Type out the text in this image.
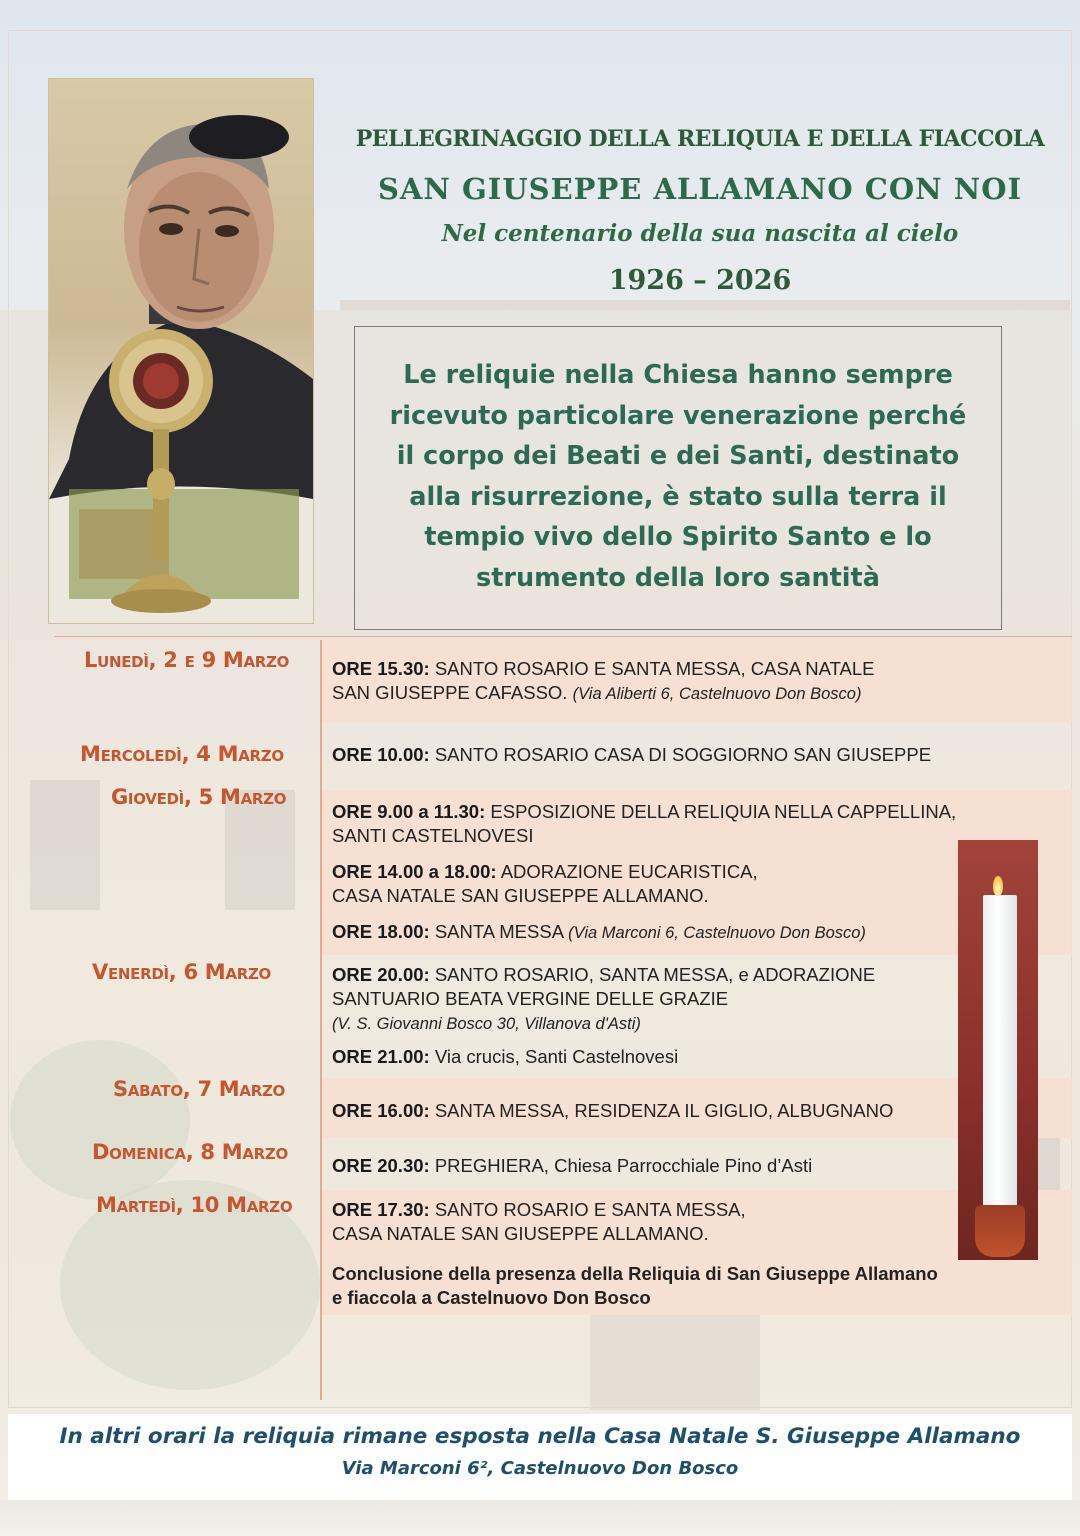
PELLEGRINAGGIO DELLA RELIQUIA E DELLA FIACCOLA
SAN GIUSEPPE ALLAMANO CON NOI
Nel centenario della sua nascita al cielo
1926 – 2026
Le reliquie nella Chiesa hanno sempre
ricevuto particolare venerazione perché
il corpo dei Beati e dei Santi, destinato
alla risurrezione, è stato sulla terra il
tempio vivo dello Spirito Santo e lo
strumento della loro santità
Lunedì, 2 e 9 Marzo
Mercoledì, 4 Marzo
Giovedì, 5 Marzo
Venerdì, 6 Marzo
Sabato, 7 Marzo
Domenica, 8 Marzo
Martedì, 10 Marzo
ORE 15.30: SANTO ROSARIO E SANTA MESSA, CASA NATALE
SAN GIUSEPPE CAFASSO. (Via Aliberti 6, Castelnuovo Don Bosco)
ORE 10.00: SANTO ROSARIO CASA DI SOGGIORNO SAN GIUSEPPE
ORE 9.00 a 11.30: ESPOSIZIONE DELLA RELIQUIA NELLA CAPPELLINA,
SANTI CASTELNOVESI
ORE 14.00 a 18.00: ADORAZIONE EUCARISTICA,
CASA NATALE SAN GIUSEPPE ALLAMANO.
ORE 18.00: SANTA MESSA (Via Marconi 6, Castelnuovo Don Bosco)
ORE 20.00: SANTO ROSARIO, SANTA MESSA, e ADORAZIONE
SANTUARIO BEATA VERGINE DELLE GRAZIE
(V. S. Giovanni Bosco 30, Villanova d'Asti)
ORE 21.00: Via crucis, Santi Castelnovesi
ORE 16.00: SANTA MESSA, RESIDENZA IL GIGLIO, ALBUGNANO
ORE 20.30: PREGHIERA, Chiesa Parrocchiale Pino d’Asti
ORE 17.30: SANTO ROSARIO E SANTA MESSA,
CASA NATALE SAN GIUSEPPE ALLAMANO.
Conclusione della presenza della Reliquia di San Giuseppe Allamano
e fiaccola a Castelnuovo Don Bosco
In altri orari la reliquia rimane esposta nella Casa Natale S. Giuseppe Allamano
Via Marconi 6², Castelnuovo Don Bosco
